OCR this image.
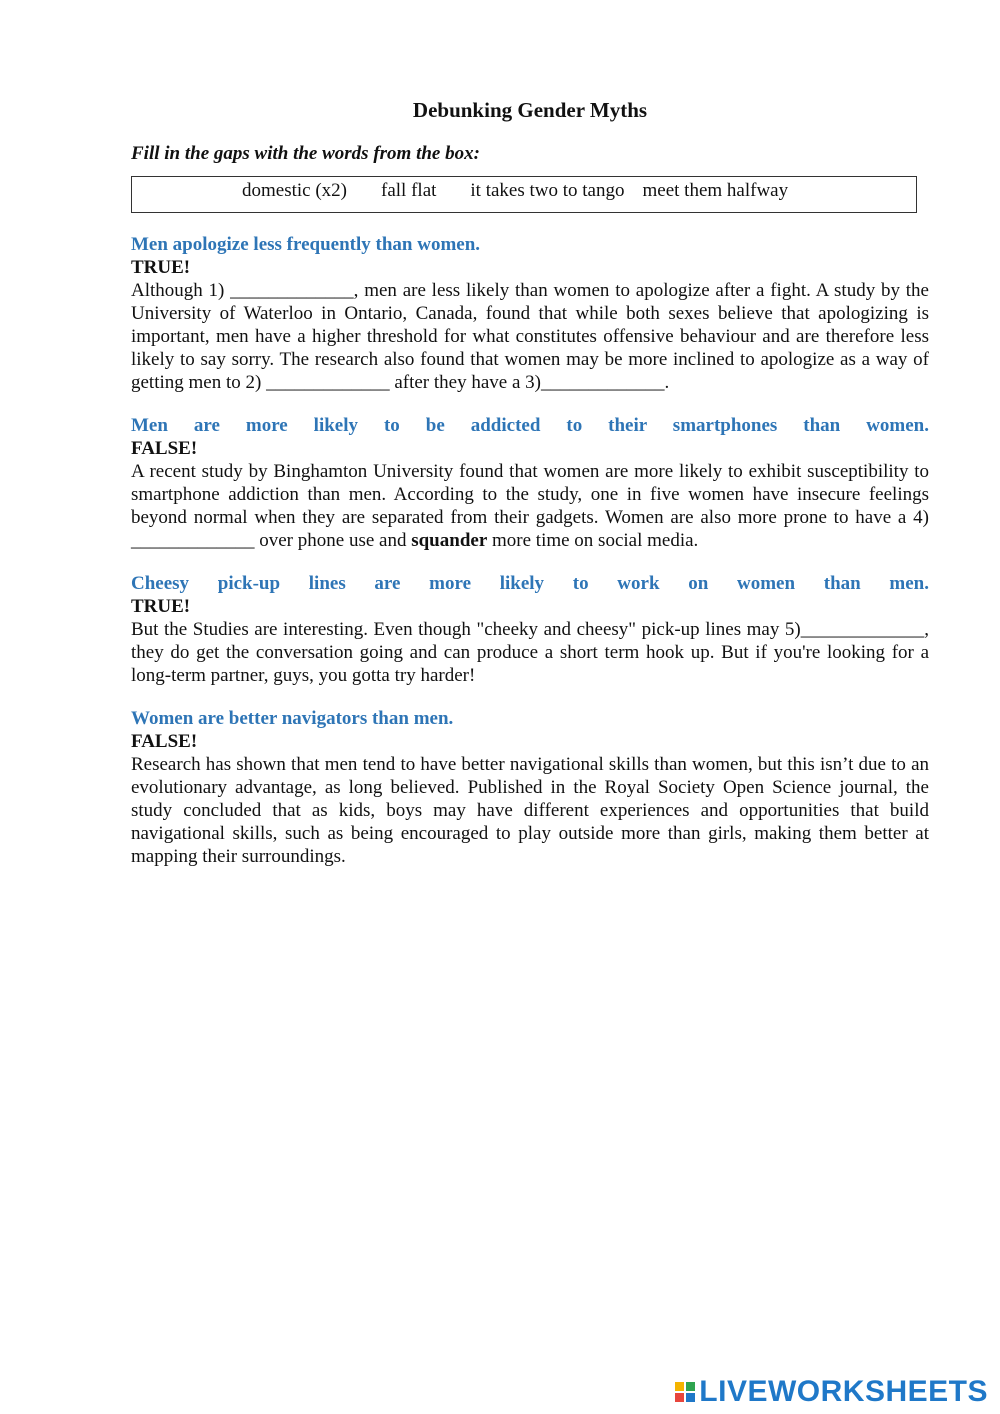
Debunking Gender Myths
Fill in the gaps with the words from the box:
domestic (x2) fall flat it takes two to tango meet them halfway
Men apologize less frequently than women.
TRUE!
Although 1) _____________, men are less likely than women to apologize after a fight. A study by the University of Waterloo in Ontario, Canada, found that while both sexes believe that apologizing is important, men have a higher threshold for what constitutes offensive behaviour and are therefore less likely to say sorry. The research also found that women may be more inclined to apologize as a way of getting men to 2) _____________ after they have a 3)_____________.
Men are more likely to be addicted to their smartphones than women.
FALSE!
A recent study by Binghamton University found that women are more likely to exhibit susceptibility to smartphone addiction than men. According to the study, one in five women have insecure feelings beyond normal when they are separated from their gadgets. Women are also more prone to have a 4) _____________ over phone use and squander more time on social media.
Cheesy pick-up lines are more likely to work on women than men.
TRUE!
But the Studies are interesting. Even though "cheeky and cheesy" pick-up lines may 5)_____________, they do get the conversation going and can produce a short term hook up. But if you're looking for a long-term partner, guys, you gotta try harder!
Women are better navigators than men.
FALSE!
Research has shown that men tend to have better navigational skills than women, but this isn’t due to an evolutionary advantage, as long believed. Published in the Royal Society Open Science journal, the study concluded that as kids, boys may have different experiences and opportunities that build navigational skills, such as being encouraged to play outside more than girls, making them better at mapping their surroundings.
LIVEWORKSHEETS
